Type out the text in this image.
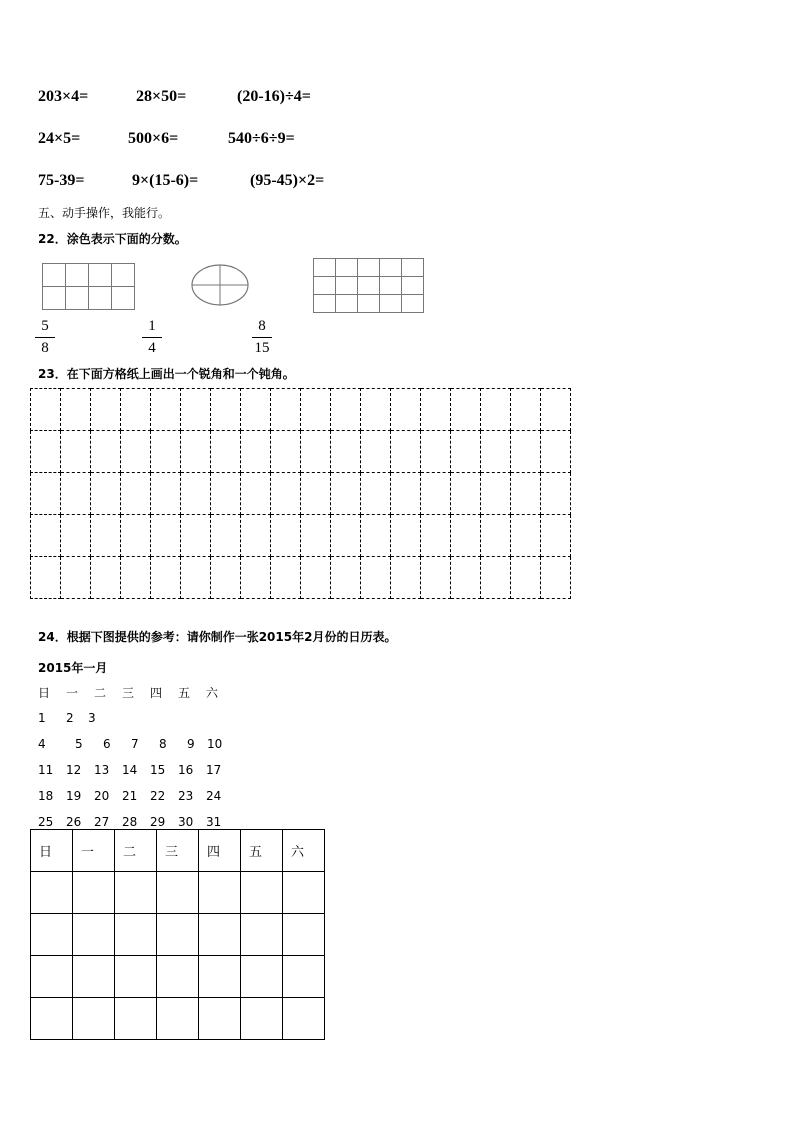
203×4=	28×50=	(20-16)÷4=
24×5=	500×6=	540÷6÷9=
75-39=	9×(15-6)=	(95-45)×2=
五、动手操作，我能行。
22．涂色表示下面的分数。

5
8
1
4
8
15
23．在下面方格纸上画出一个锐角和一个钝角。

24．根据下图提供的参考：请你制作一张2015年2月份的日历表。
2015年一月
日 一 二 三 四 五 六
1 2 3
4 5 6 7 8 9 10
11 12 13 14 15 16 17
18 19 20 21 22 23 24
25 26 27 28 29 30 31
日	一	二	三	四	五	六
